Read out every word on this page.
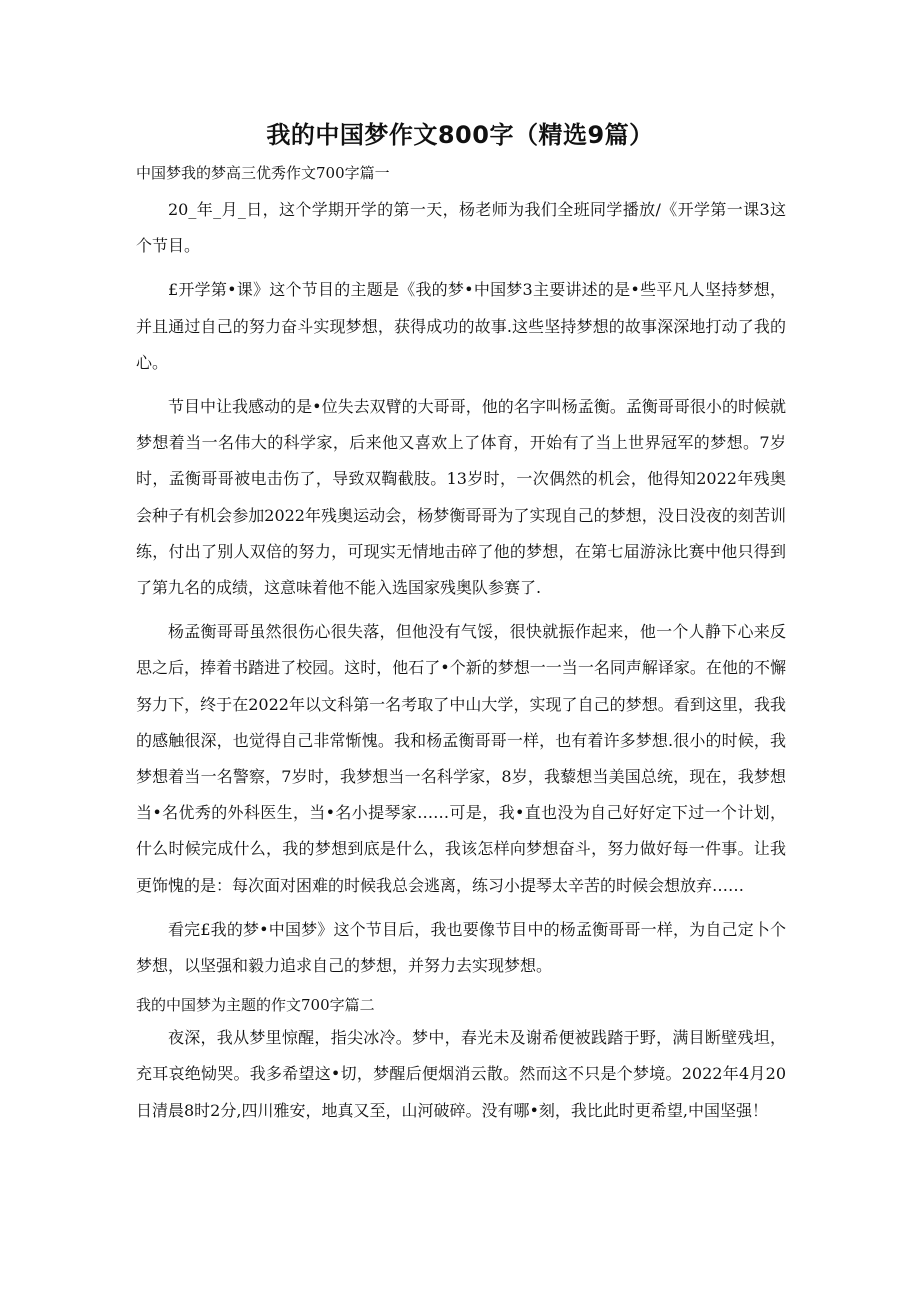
我的中国梦作文800字（精选9篇）

中国梦我的梦高三优秀作文700字篇一

20_年_月_日，这个学期开学的第一天，杨老师为我们全班同学播放/《开学第一课3这个节目。

£开学第•课》这个节目的主题是《我的梦•中国梦3主要讲述的是•些平凡人坚持梦想，并且通过自己的努力奋斗实现梦想，获得成功的故事.这些坚持梦想的故事深深地打动了我的心。

节目中让我感动的是•位失去双臂的大哥哥，他的名字叫杨孟衡。孟衡哥哥很小的时候就梦想着当一名伟大的科学家，后来他又喜欢上了体育，开始有了当上世界冠军的梦想。7岁时，孟衡哥哥被电击伤了，导致双鞫截肢。13岁时，一次偶然的机会，他得知2022年残奥会种子有机会参加2022年残奥运动会，杨梦衡哥哥为了实现自己的梦想，没日没夜的刻苦训练，付出了别人双倍的努力，可现实无情地击碎了他的梦想，在第七届游泳比赛中他只得到了第九名的成绩，这意味着他不能入选国家残奥队参赛了.

杨孟衡哥哥虽然很伤心很失落，但他没有气馁，很快就振作起来，他一个人静下心来反思之后，捧着书踏进了校园。这时，他石了•个新的梦想一一当一名同声解译家。在他的不懈努力下，终于在2022年以文科第一名考取了中山大学，实现了自己的梦想。看到这里，我我的感触很深，也觉得自己非常惭愧。我和杨孟衡哥哥一样，也有着许多梦想.很小的时候，我梦想着当一名警察，7岁时，我梦想当一名科学家，8岁，我藜想当美国总统，现在，我梦想当•名优秀的外科医生，当•名小提琴家……可是，我•直也没为自己好好定下过一个计划，什么时候完成什么，我的梦想到底是什么，我该怎样向梦想奋斗，努力做好每一件事。让我更饰愧的是：每次面对困难的时候我总会逃离，练习小提琴太辛苦的时候会想放弃……

看完£我的梦•中国梦》这个节目后，我也要像节目中的杨孟衡哥哥一样，为自己定卜个梦想，以坚强和毅力追求自己的梦想，并努力去实现梦想。

我的中国梦为主题的作文700字篇二

夜深，我从梦里惊醒，指尖冰冷。梦中，春光未及谢希便被践踏于野，满目断壁残坦，充耳哀绝恸哭。我多希望这•切，梦醒后便烟消云散。然而这不只是个梦境。2022年4月20日清晨8时2分,四川雅安，地真又至，山河破碎。没有哪•刻，我比此时更希望,中国坚强！
